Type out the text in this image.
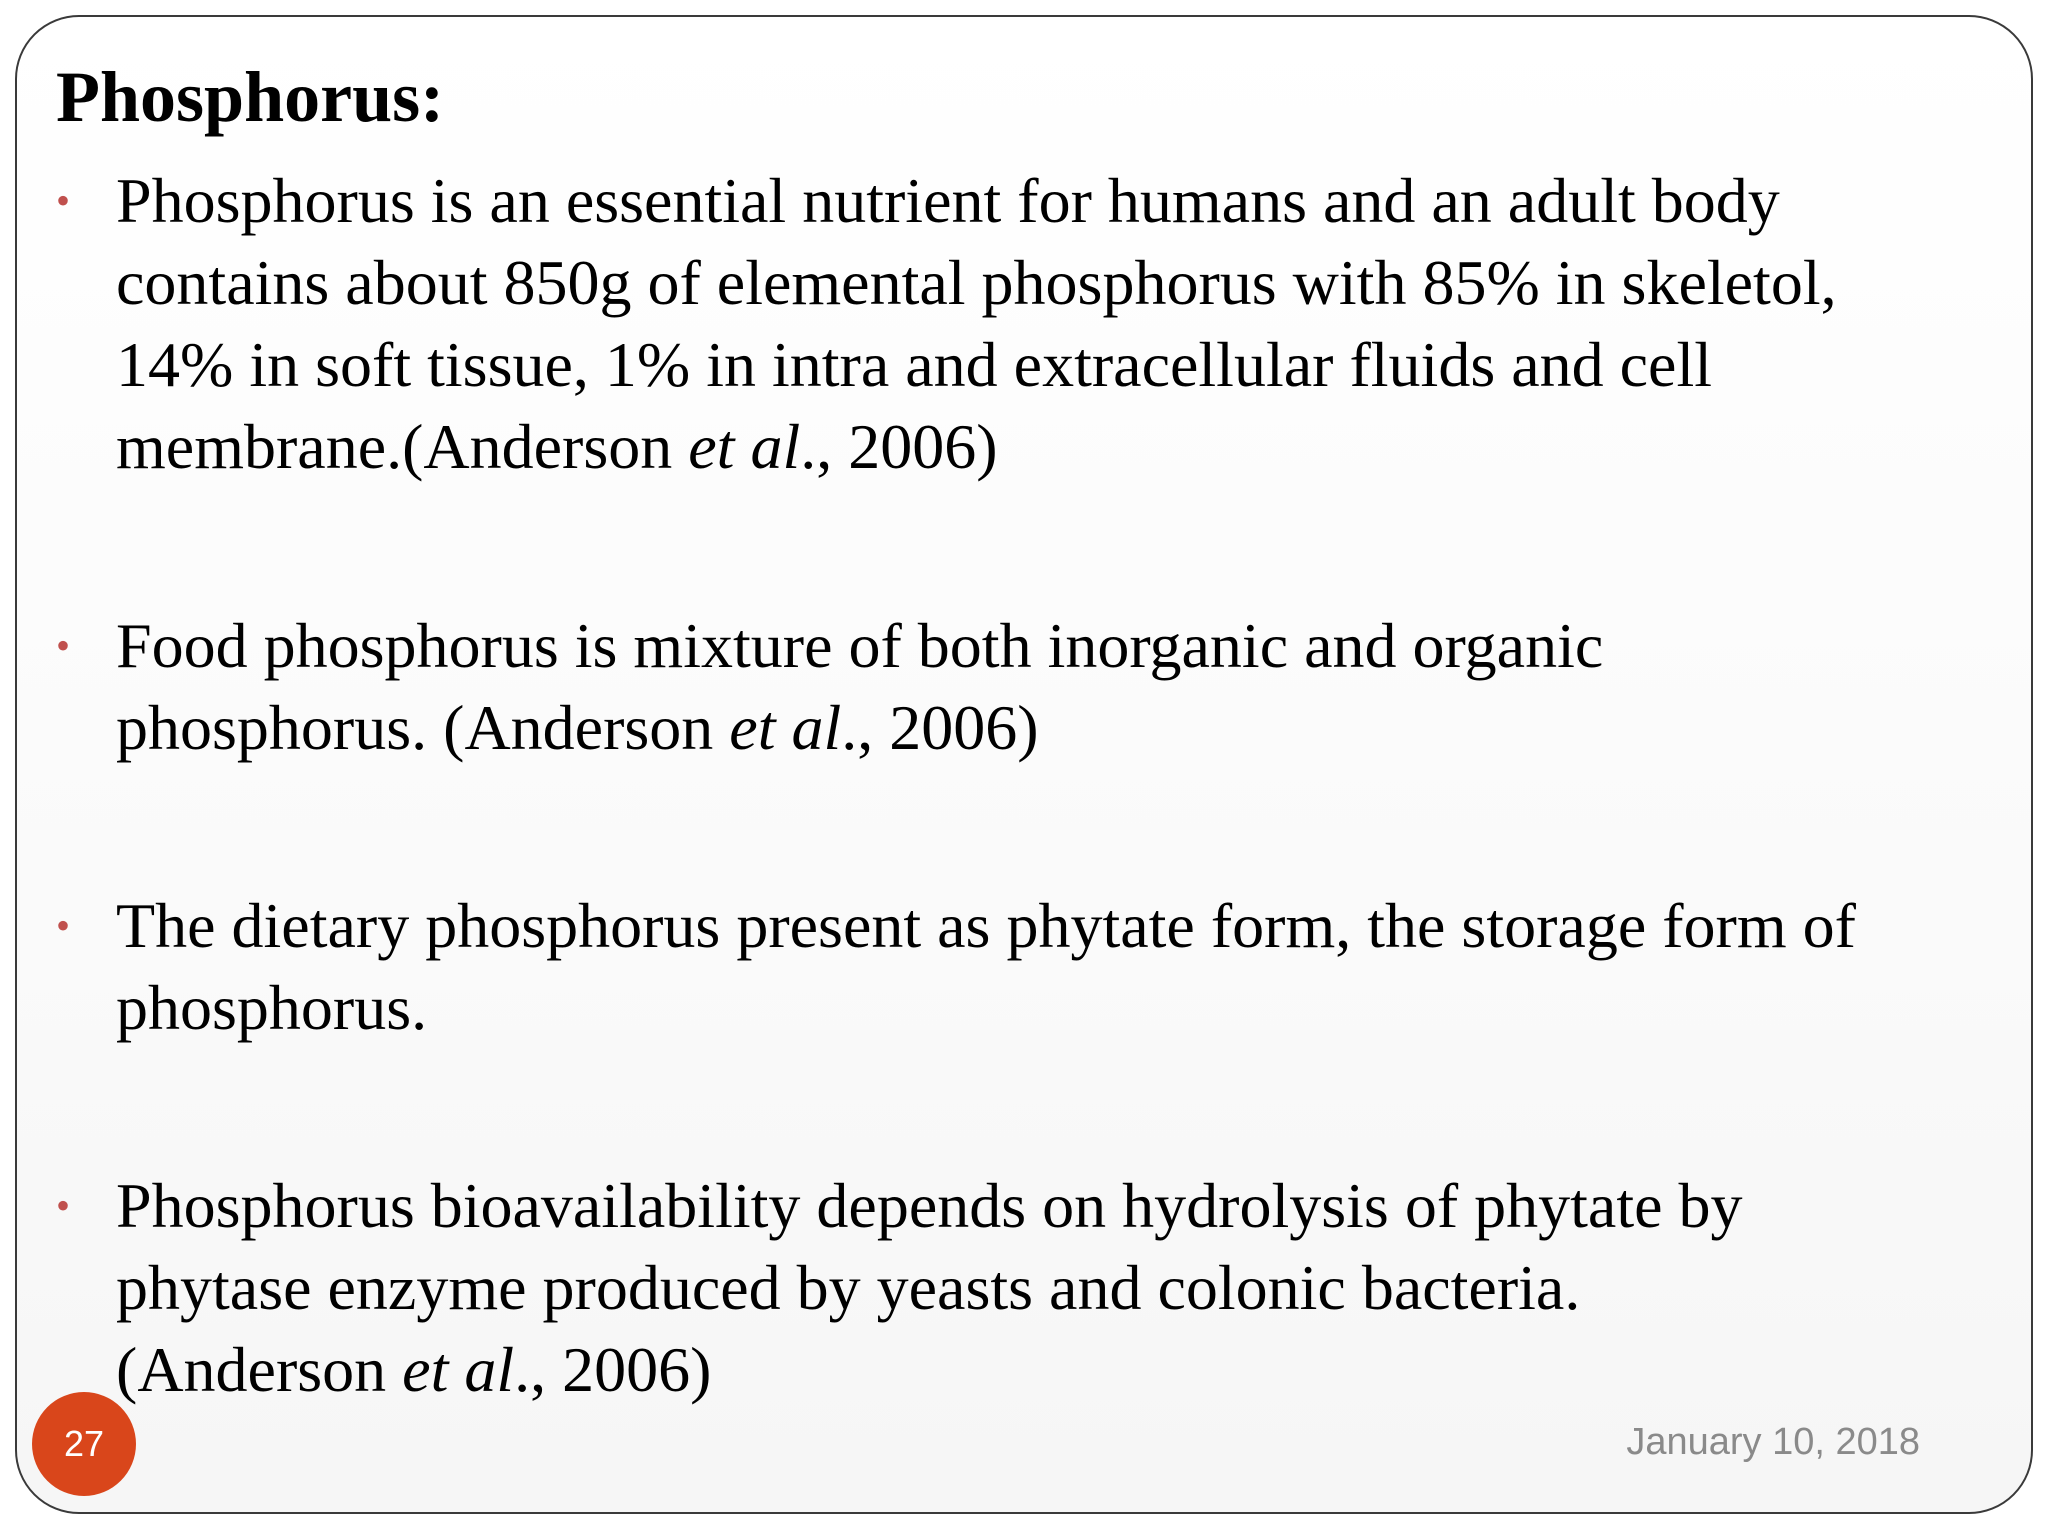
Phosphorus:
• Phosphorus is an essential nutrient for humans and an adult body
contains about 850g of elemental phosphorus with 85% in skeletol,
14% in soft tissue, 1% in intra and extracellular fluids and cell
membrane.(Anderson et al., 2006)
• Food phosphorus is mixture of both inorganic and organic
phosphorus. (Anderson et al., 2006)
• The dietary phosphorus present as phytate form, the storage form of
phosphorus.
• Phosphorus bioavailability depends on hydrolysis of phytate by
phytase enzyme produced by yeasts and colonic bacteria.
(Anderson et al., 2006)
27	January 10, 2018
